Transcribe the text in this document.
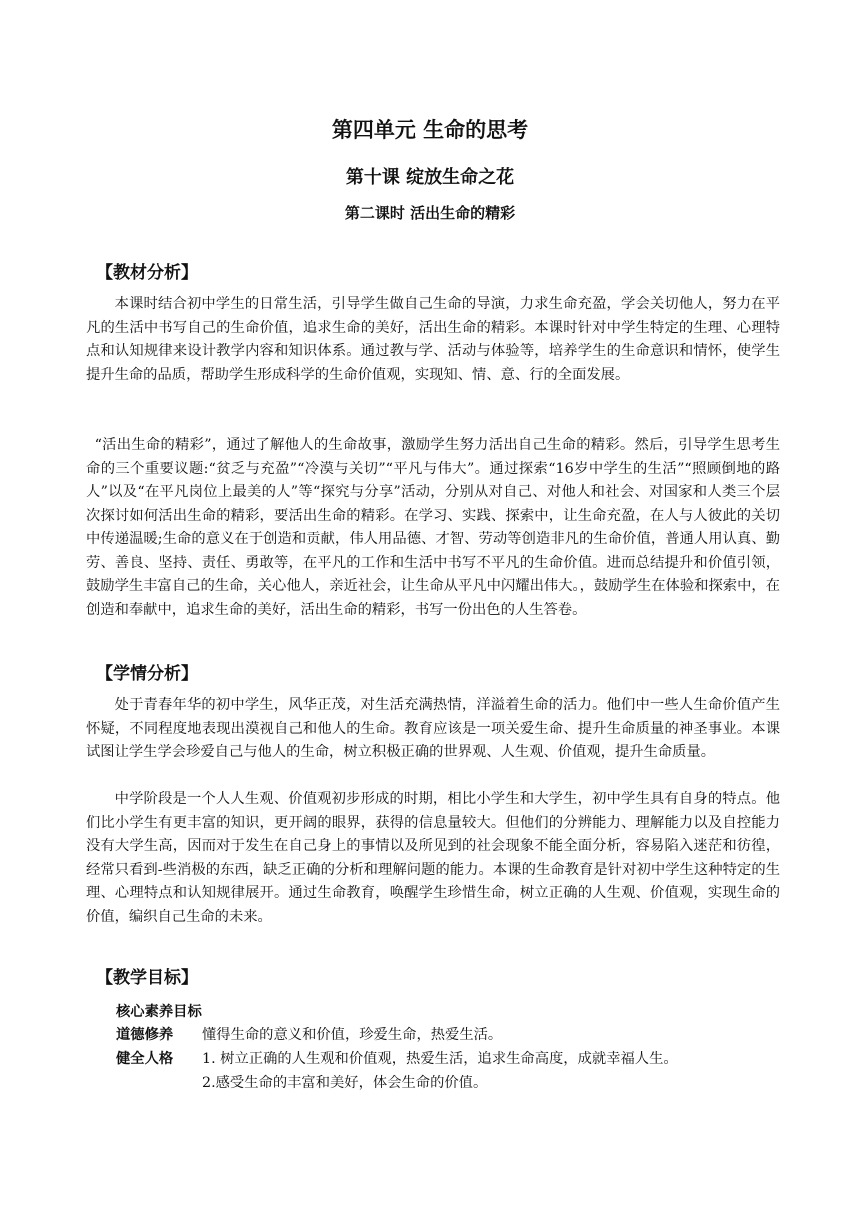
第四单元 生命的思考
第十课 绽放生命之花
第二课时 活出生命的精彩
【教材分析】

本课时结合初中学生的日常生活，引导学生做自己生命的导演，力求生命充盈，学会关切他人，努力在平凡的生活中书写自己的生命价值，追求生命的美好，活出生命的精彩。本课时针对中学生特定的生理、心理特点和认知规律来设计教学内容和知识体系。通过教与学、活动与体验等，培养学生的生命意识和情怀，使学生提升生命的品质，帮助学生形成科学的生命价值观，实现知、情、意、行的全面发展。

“活出生命的精彩”，通过了解他人的生命故事，激励学生努力活出自己生命的精彩。然后，引导学生思考生命的三个重要议题:“贫乏与充盈”“冷漠与关切”“平凡与伟大”。通过探索“16岁中学生的生活”“照顾倒地的路人”以及“在平凡岗位上最美的人”等“探究与分享”活动，分别从对自己、对他人和社会、对国家和人类三个层次探讨如何活出生命的精彩，要活出生命的精彩。在学习、实践、探索中，让生命充盈，在人与人彼此的关切中传递温暖;生命的意义在于创造和贡献，伟人用品德、才智、劳动等创造非凡的生命价值，普通人用认真、勤劳、善良、坚持、责任、勇敢等，在平凡的工作和生活中书写不平凡的生命价值。进而总结提升和价值引领，鼓励学生丰富自己的生命，关心他人，亲近社会，让生命从平凡中闪耀出伟大。，鼓励学生在体验和探索中，在创造和奉献中，追求生命的美好，活出生命的精彩，书写一份出色的人生答卷。

【学情分析】

处于青春年华的初中学生，风华正茂，对生活充满热情，洋溢着生命的活力。他们中一些人生命价值产生怀疑，不同程度地表现出漠视自己和他人的生命。教育应该是一项关爱生命、提升生命质量的神圣事业。本课试图让学生学会珍爱自己与他人的生命，树立积极正确的世界观、人生观、价值观，提升生命质量。

中学阶段是一个人人生观、价值观初步形成的时期，相比小学生和大学生，初中学生具有自身的特点。他们比小学生有更丰富的知识，更开阔的眼界，获得的信息量较大。但他们的分辨能力、理解能力以及自控能力没有大学生高，因而对于发生在自己身上的事情以及所见到的社会现象不能全面分析，容易陷入迷茫和彷徨，经常只看到-些消极的东西，缺乏正确的分析和理解问题的能力。本课的生命教育是针对初中学生这种特定的生理、心理特点和认知规律展开。通过生命教育，唤醒学生珍惜生命，树立正确的人生观、价值观，实现生命的价值，编织自己生命的未来。

【教学目标】
核心素养目标
道德修养 懂得生命的意义和价值，珍爱生命，热爱生活。
健全人格 1. 树立正确的人生观和价值观，热爱生活，追求生命高度，成就幸福人生。
2.感受生命的丰富和美好，体会生命的价值。
